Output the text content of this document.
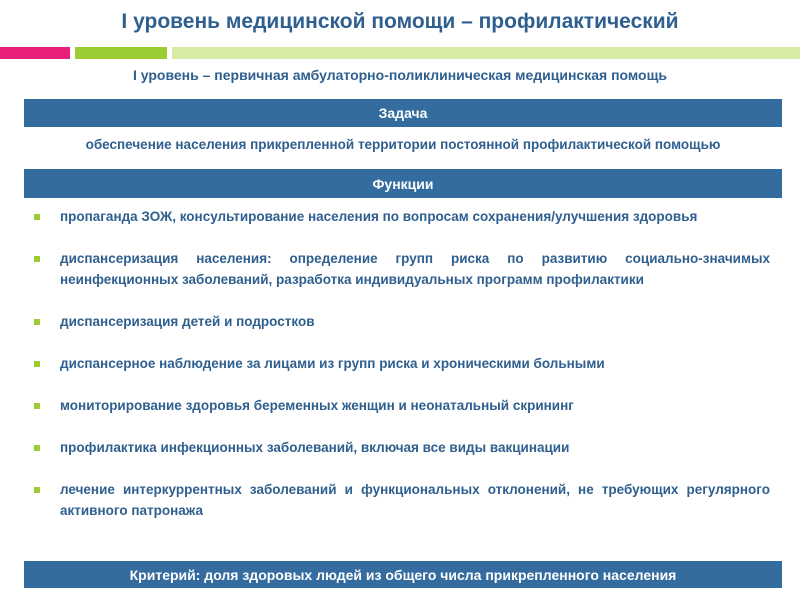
I уровень медицинской помощи – профилактический
I уровень – первичная амбулаторно-поликлиническая медицинская помощь
Задача
обеспечение населения прикрепленной территории постоянной профилактической помощью
Функции
пропаганда ЗОЖ, консультирование населения по вопросам сохранения/улучшения здоровья
диспансеризация населения: определение групп риска по развитию социально-значимых неинфекционных заболеваний, разработка индивидуальных программ профилактики
диспансеризация детей и подростков
диспансерное наблюдение за лицами из групп риска и хроническими больными
мониторирование здоровья беременных женщин и неонатальный скрининг
профилактика инфекционных заболеваний, включая все виды вакцинации
лечение интеркуррентных заболеваний и функциональных отклонений, не требующих регулярного активного патронажа
Критерий: доля здоровых людей из общего числа прикрепленного населения
